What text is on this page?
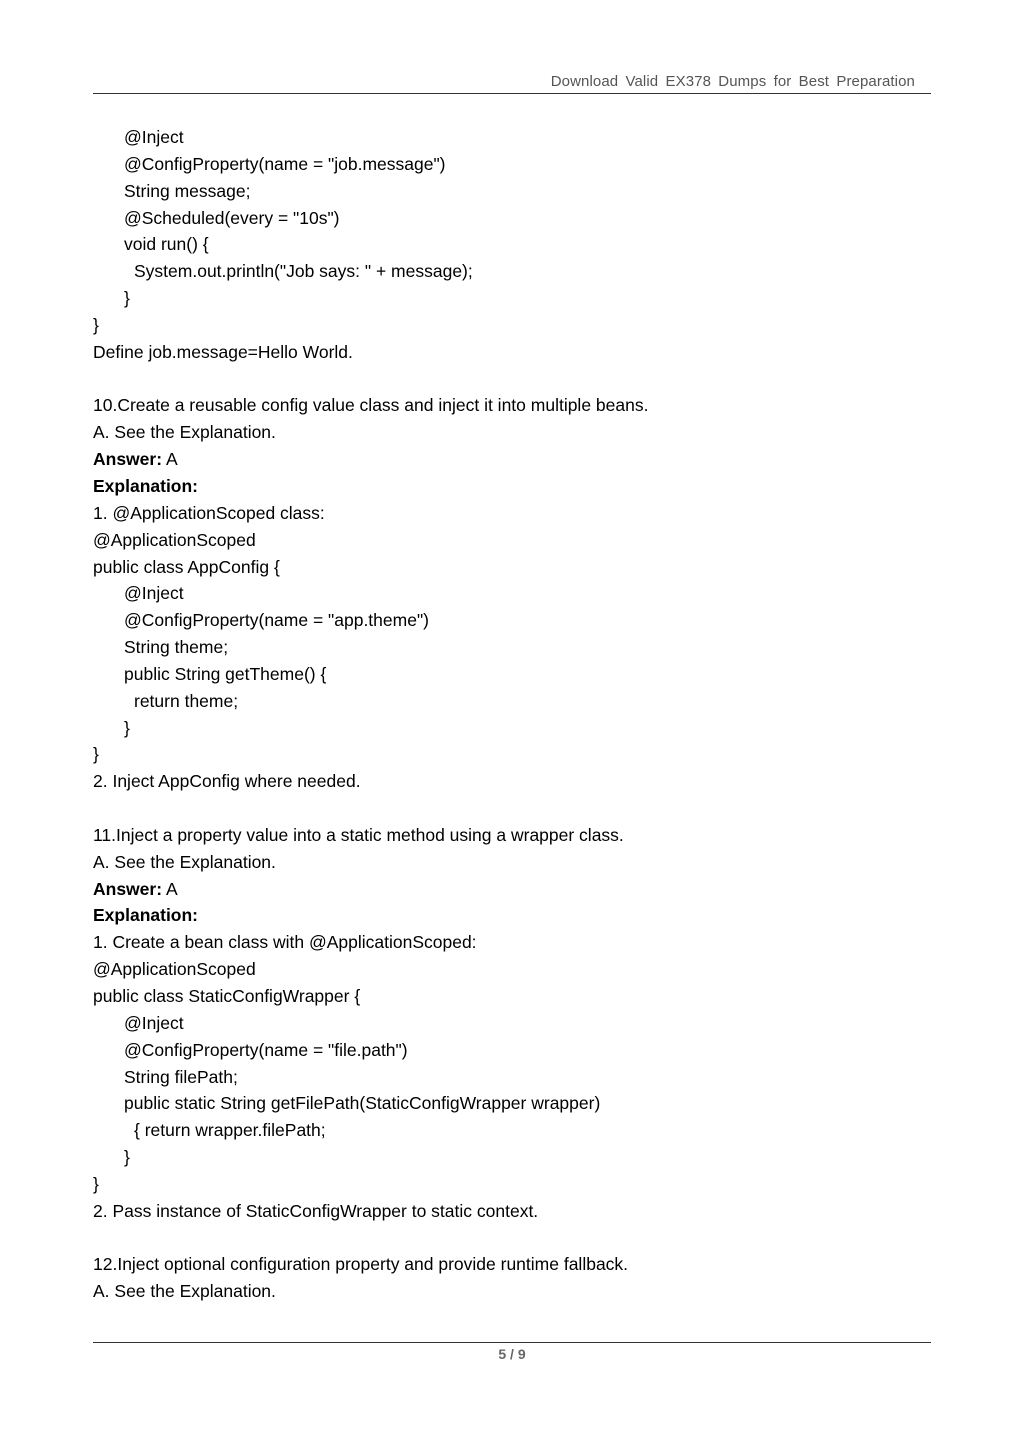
Download Valid EX378 Dumps for Best Preparation
@Inject
@ConfigProperty(name = "job.message")
String message;
@Scheduled(every = "10s")
void run() {
System.out.println("Job says: " + message);
}
}
Define job.message=Hello World.
10.Create a reusable config value class and inject it into multiple beans.
A. See the Explanation.
Answer: A
Explanation:
1. @ApplicationScoped class:
@ApplicationScoped
public class AppConfig {
@Inject
@ConfigProperty(name = "app.theme")
String theme;
public String getTheme() {
return theme;
}
}
2. Inject AppConfig where needed.
11.Inject a property value into a static method using a wrapper class.
A. See the Explanation.
Answer: A
Explanation:
1. Create a bean class with @ApplicationScoped:
@ApplicationScoped
public class StaticConfigWrapper {
@Inject
@ConfigProperty(name = "file.path")
String filePath;
public static String getFilePath(StaticConfigWrapper wrapper)
{ return wrapper.filePath;
}
}
2. Pass instance of StaticConfigWrapper to static context.
12.Inject optional configuration property and provide runtime fallback.
A. See the Explanation.
5 / 9
